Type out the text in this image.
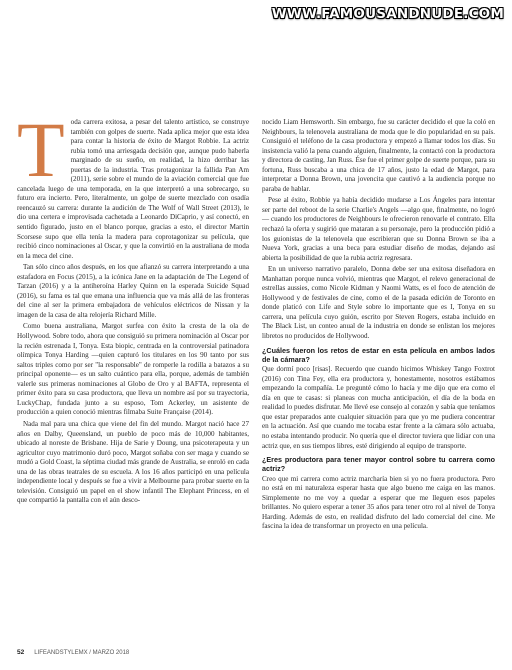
WWW.FAMOUSANDNUDE.COM

T oda carrera exitosa, a pesar del talento artístico, se construye también con golpes de suerte. Nada aplica mejor que esta idea para contar la historia de éxito de Margot Robbie. La actriz rubia tomó una arriesgada decisión que, aunque pudo haberla marginado de su sueño, en realidad, la hizo derribar las puertas de la industria. Tras protagonizar la fallida Pan Am (2011), serie sobre el mundo de la aviación comercial que fue cancelada luego de una temporada, en la que interpretó a una sobrecargo, su futuro era incierto. Pero, literalmente, un golpe de suerte mezclado con osadía reencauzó su carrera: durante la audición de The Wolf of Wall Street (2013), le dio una certera e improvisada cachetada a Leonardo DiCaprio, y así conectó, en sentido figurado, justo en el blanco porque, gracias a esto, el director Martin Scorsese supo que ella tenía la madera para coprotagonizar su película, que recibió cinco nominaciones al Oscar, y que la convirtió en la australiana de moda en la meca del cine.

Tan sólo cinco años después, en los que afianzó su carrera interpretando a una estafadora en Focus (2015), a la icónica Jane en la adaptación de The Legend of Tarzan (2016) y a la antiheroína Harley Quinn en la esperada Suicide Squad (2016), su fama es tal que emana una influencia que va más allá de las fronteras del cine al ser la primera embajadora de vehículos eléctricos de Nissan y la imagen de la casa de alta relojería Richard Mille.

Como buena australiana, Margot surfea con éxito la cresta de la ola de Hollywood. Sobre todo, ahora que consiguió su primera nominación al Oscar por la recién estrenada I, Tonya. Esta biopic, centrada en la controversial patinadora olímpica Tonya Harding —quien capturó los titulares en los 90 tanto por sus saltos triples como por ser "la responsable" de romperle la rodilla a batazos a su principal oponente— es un salto cuántico para ella, porque, además de también valerle sus primeras nominaciones al Globo de Oro y al BAFTA, representa el primer éxito para su casa productora, que lleva un nombre así por su trayectoria, LuckyChap, fundada junto a su esposo, Tom Ackerley, un asistente de producción a quien conoció mientras filmaba Suite Française (2014).

Nada mal para una chica que viene del fin del mundo. Margot nació hace 27 años en Dalby, Queensland, un pueblo de poco más de 10,000 habitantes, ubicado al noreste de Brisbane. Hija de Sarie y Doung, una psicoterapeuta y un agricultor cuyo matrimonio duró poco, Margot soñaba con ser maga y cuando se mudó a Gold Coast, la séptima ciudad más grande de Australia, se enroló en cada una de las obras teatrales de su escuela. A los 16 años participó en una película independiente local y después se fue a vivir a Melbourne para probar suerte en la televisión. Consiguió un papel en el show infantil The Elephant Princess, en el que compartió la pantalla con el aún desco-

nocido Liam Hemsworth. Sin embargo, fue su carácter decidido el que la coló en Neighbours, la telenovela australiana de moda que le dio popularidad en su país. Consiguió el teléfono de la casa productora y empezó a llamar todos los días. Su insistencia valió la pena cuando alguien, finalmente, la contactó con la productora y directora de casting, Jan Russ. Ése fue el primer golpe de suerte porque, para su fortuna, Russ buscaba a una chica de 17 años, justo la edad de Margot, para interpretar a Donna Brown, una jovencita que cautivó a la audiencia porque no paraba de hablar.

Pese al éxito, Robbie ya había decidido mudarse a Los Ángeles para intentar ser parte del reboot de la serie Charlie's Angels —algo que, finalmente, no logró— cuando los productores de Neighbours le ofrecieron renovarle el contrato. Ella rechazó la oferta y sugirió que mataran a su personaje, pero la producción pidió a los guionistas de la telenovela que escribieran que su Donna Brown se iba a Nueva York, gracias a una beca para estudiar diseño de modas, dejando así abierta la posibilidad de que la rubia actriz regresara.

En un universo narrativo paralelo, Donna debe ser una exitosa diseñadora en Manhattan porque nunca volvió, mientras que Margot, el relevo generacional de estrellas aussies, como Nicole Kidman y Naomi Watts, es el foco de atención de Hollywood y de festivales de cine, como el de la pasada edición de Toronto en donde platicó con Life and Style sobre lo importante que es I, Tonya en su carrera, una película cuyo guión, escrito por Steven Rogers, estaba incluido en The Black List, un conteo anual de la industria en donde se enlistan los mejores libretos no producidos de Hollywood.

¿Cuáles fueron los retos de estar en esta película en ambos lados de la cámara?

Que dormí poco [risas]. Recuerdo que cuando hicimos Whiskey Tango Foxtrot (2016) con Tina Fey, ella era productora y, honestamente, nosotros estábamos empezando la compañía. Le pregunté cómo lo hacía y me dijo que era como el día en que te casas: si planeas con mucha anticipación, el día de la boda en realidad lo puedes disfrutar. Me llevé ese consejo al corazón y sabía que teníamos que estar preparados ante cualquier situación para que yo me pudiera concentrar en la actuación. Así que cuando me tocaba estar frente a la cámara sólo actuaba, no estaba intentando producir. No quería que el director tuviera que lidiar con una actriz que, en sus tiempos libres, esté dirigiendo al equipo de transporte.

¿Eres productora para tener mayor control sobre tu carrera como actriz?

Creo que mi carrera como actriz marcharía bien si yo no fuera productora. Pero no está en mi naturaleza esperar hasta que algo bueno me caiga en las manos. Simplemente no me voy a quedar a esperar que me lleguen esos papeles brillantes. No quiero esperar a tener 35 años para tener otro rol al nivel de Tonya Harding. Además de esto, en realidad disfruto del lado comercial del cine. Me fascina la idea de transformar un proyecto en una película.

52 LIFEANDSTYLEMX / MARZO 2018
